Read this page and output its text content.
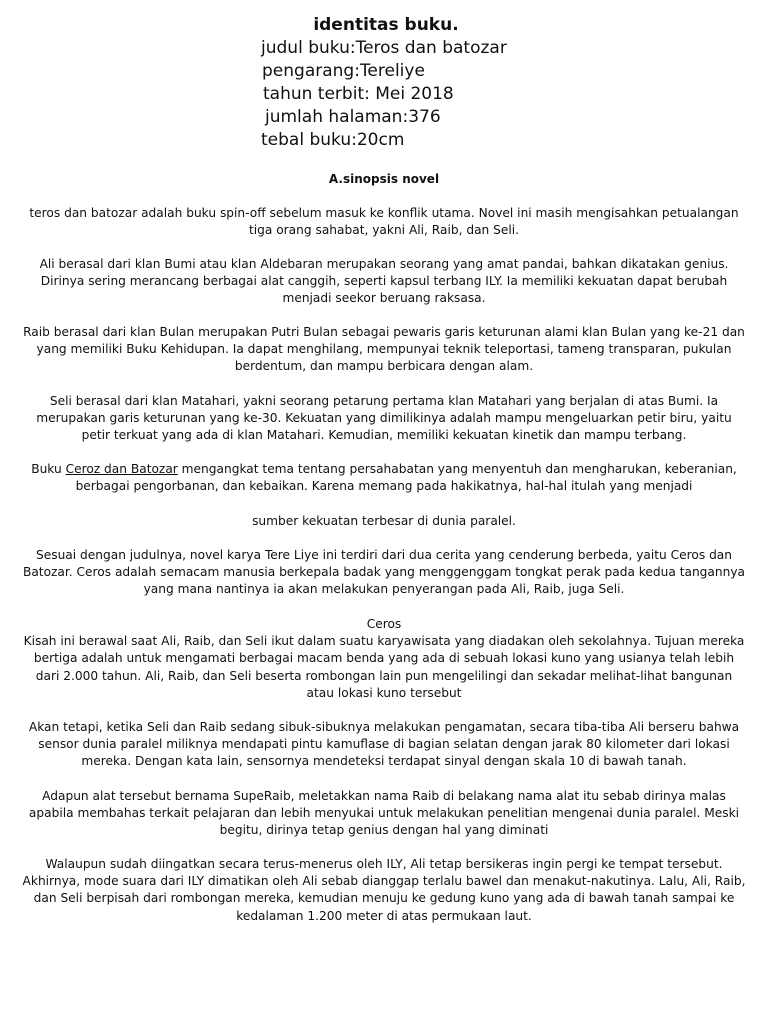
identitas buku.
judul buku:Teros dan batozar
pengarang:Tereliye
tahun terbit: Mei 2018
jumlah halaman:376
tebal buku:20cm
A.sinopsis novel

teros dan batozar adalah buku spin-off sebelum masuk ke konflik utama. Novel ini masih mengisahkan petualangan tiga orang sahabat, yakni Ali, Raib, dan Seli.

Ali berasal dari klan Bumi atau klan Aldebaran merupakan seorang yang amat pandai, bahkan dikatakan genius. Dirinya sering merancang berbagai alat canggih, seperti kapsul terbang ILY. Ia memiliki kekuatan dapat berubah menjadi seekor beruang raksasa.

Raib berasal dari klan Bulan merupakan Putri Bulan sebagai pewaris garis keturunan alami klan Bulan yang ke-21 dan yang memiliki Buku Kehidupan. Ia dapat menghilang, mempunyai teknik teleportasi, tameng transparan, pukulan berdentum, dan mampu berbicara dengan alam.

Seli berasal dari klan Matahari, yakni seorang petarung pertama klan Matahari yang berjalan di atas Bumi. Ia merupakan garis keturunan yang ke-30. Kekuatan yang dimilikinya adalah mampu mengeluarkan petir biru, yaitu petir terkuat yang ada di klan Matahari. Kemudian, memiliki kekuatan kinetik dan mampu terbang.

Buku Ceroz dan Batozar mengangkat tema tentang persahabatan yang menyentuh dan mengharukan, keberanian, berbagai pengorbanan, dan kebaikan. Karena memang pada hakikatnya, hal-hal itulah yang menjadi

sumber kekuatan terbesar di dunia paralel.

Sesuai dengan judulnya, novel karya Tere Liye ini terdiri dari dua cerita yang cenderung berbeda, yaitu Ceros dan Batozar. Ceros adalah semacam manusia berkepala badak yang menggenggam tongkat perak pada kedua tangannya yang mana nantinya ia akan melakukan penyerangan pada Ali, Raib, juga Seli.

Ceros

Kisah ini berawal saat Ali, Raib, dan Seli ikut dalam suatu karyawisata yang diadakan oleh sekolahnya. Tujuan mereka bertiga adalah untuk mengamati berbagai macam benda yang ada di sebuah lokasi kuno yang usianya telah lebih dari 2.000 tahun. Ali, Raib, dan Seli beserta rombongan lain pun mengelilingi dan sekadar melihat-lihat bangunan atau lokasi kuno tersebut

Akan tetapi, ketika Seli dan Raib sedang sibuk-sibuknya melakukan pengamatan, secara tiba-tiba Ali berseru bahwa sensor dunia paralel miliknya mendapati pintu kamuflase di bagian selatan dengan jarak 80 kilometer dari lokasi mereka. Dengan kata lain, sensornya mendeteksi terdapat sinyal dengan skala 10 di bawah tanah.

Adapun alat tersebut bernama SupeRaib, meletakkan nama Raib di belakang nama alat itu sebab dirinya malas apabila membahas terkait pelajaran dan lebih menyukai untuk melakukan penelitian mengenai dunia paralel. Meski begitu, dirinya tetap genius dengan hal yang diminati

Walaupun sudah diingatkan secara terus-menerus oleh ILY, Ali tetap bersikeras ingin pergi ke tempat tersebut. Akhirnya, mode suara dari ILY dimatikan oleh Ali sebab dianggap terlalu bawel dan menakut-nakutinya. Lalu, Ali, Raib, dan Seli berpisah dari rombongan mereka, kemudian menuju ke gedung kuno yang ada di bawah tanah sampai ke kedalaman 1.200 meter di atas permukaan laut.
